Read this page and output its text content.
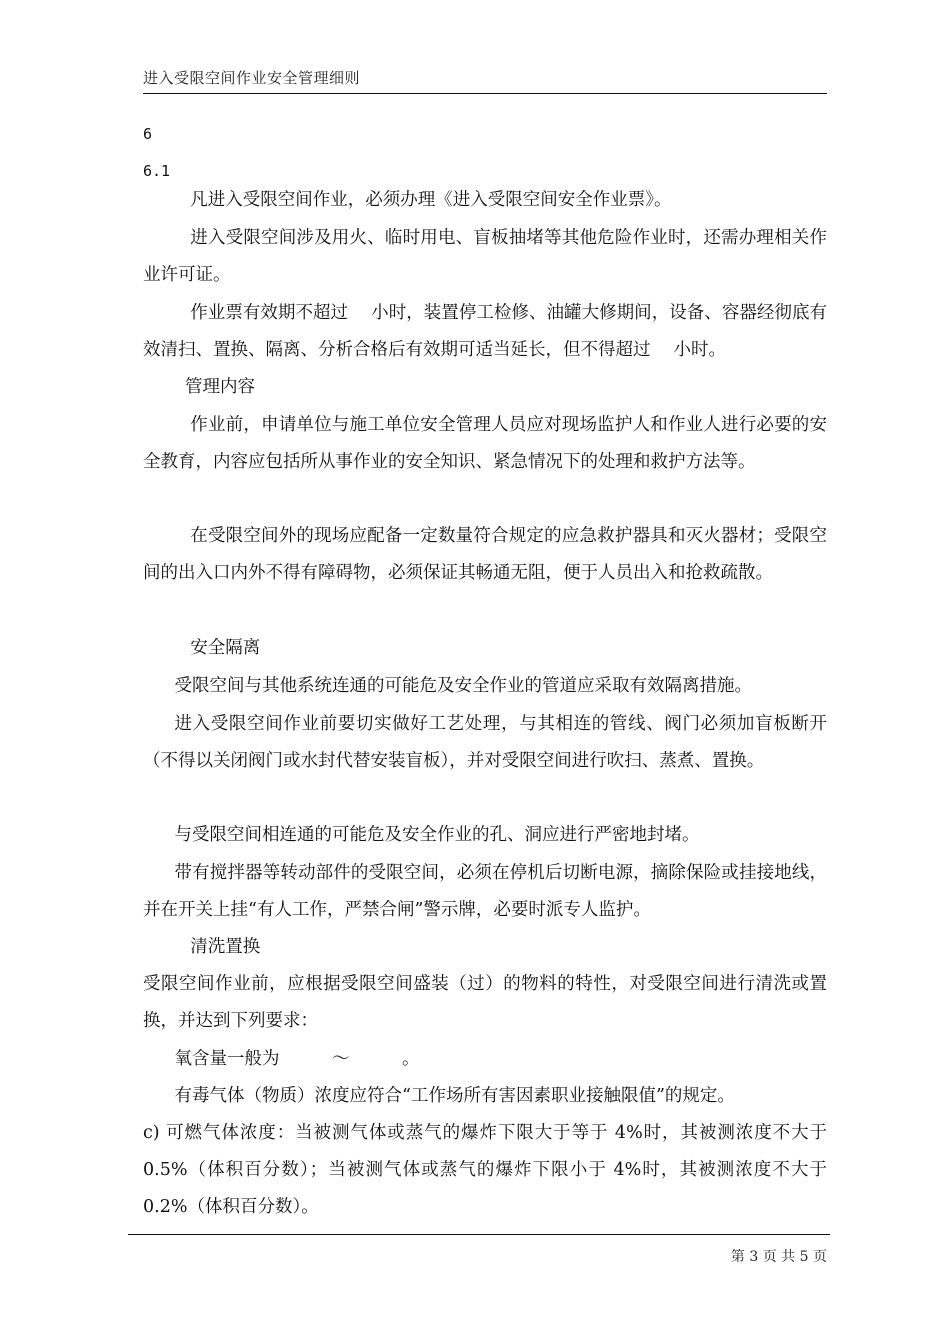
进入受限空间作业安全管理细则
6
6.1

凡进入受限空间作业，必须办理《进入受限空间安全作业票》。

进入受限空间涉及用火、临时用电、盲板抽堵等其他危险作业时，还需办理相关作业许可证。

作业票有效期不超过　 小时，装置停工检修、油罐大修期间，设备、容器经彻底有效清扫、置换、隔离、分析合格后有效期可适当延长，但不得超过　 小时。

管理内容

作业前，申请单位与施工单位安全管理人员应对现场监护人和作业人进行必要的安全教育，内容应包括所从事作业的安全知识、紧急情况下的处理和救护方法等。

在受限空间外的现场应配备一定数量符合规定的应急救护器具和灭火器材；受限空间的出入口内外不得有障碍物，必须保证其畅通无阻，便于人员出入和抢救疏散。

安全隔离

受限空间与其他系统连通的可能危及安全作业的管道应采取有效隔离措施。

进入受限空间作业前要切实做好工艺处理，与其相连的管线、阀门必须加盲板断开（不得以关闭阀门或水封代替安装盲板），并对受限空间进行吹扫、蒸煮、置换。

与受限空间相连通的可能危及安全作业的孔、洞应进行严密地封堵。

带有搅拌器等转动部件的受限空间，必须在停机后切断电源，摘除保险或挂接地线，并在开关上挂“有人工作，严禁合闸”警示牌，必要时派专人监护。

清洗置换

受限空间作业前，应根据受限空间盛装（过）的物料的特性，对受限空间进行清洗或置换，并达到下列要求：

氧含量一般为　　　～　　　。

有毒气体（物质）浓度应符合“工作场所有害因素职业接触限值”的规定。

c) 可燃气体浓度：当被测气体或蒸气的爆炸下限大于等于 4%时，其被测浓度不大于 0.5%（体积百分数）；当被测气体或蒸气的爆炸下限小于 4%时，其被测浓度不大于 0.2%（体积百分数）。

第 3 页 共 5 页
